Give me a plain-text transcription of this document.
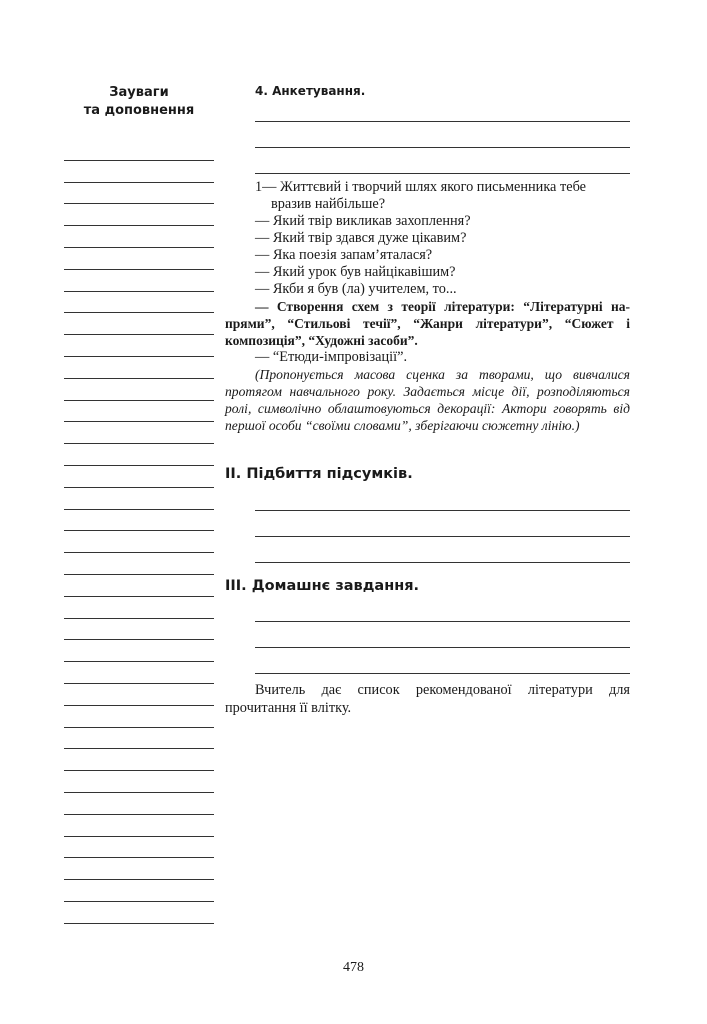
Зауваги
та доповнення
4. Анкетування.

1— Життєвий і творчий шлях якого письменника тебе

вразив найбільше?

— Який твір викликав захоплення?

— Який твір здався дуже цікавим?

— Яка поезія запам’яталася?

— Який урок був найцікавішим?

— Якби я був (ла) учителем, то...

— Створення схем з теорії літератури: “Літературні напрями”, “Стильові течії”, “Жанри літератури”, “Сюжет і композиція”, “Художні засоби”.

— “Етюди-імпровізації”.

(Пропонується масова сценка за творами, що вивчалися протягом навчального року. Задається місце дії, розподіляються ролі, символічно облаштовуються декорації: Актори говорять від першої особи “своїми словами”, зберігаючи сюжетну лінію.)

ІІ. Підбиття підсумків.
ІІІ. Домашнє завдання.

Вчитель дає список рекомендованої літератури для прочитання її влітку.

478
